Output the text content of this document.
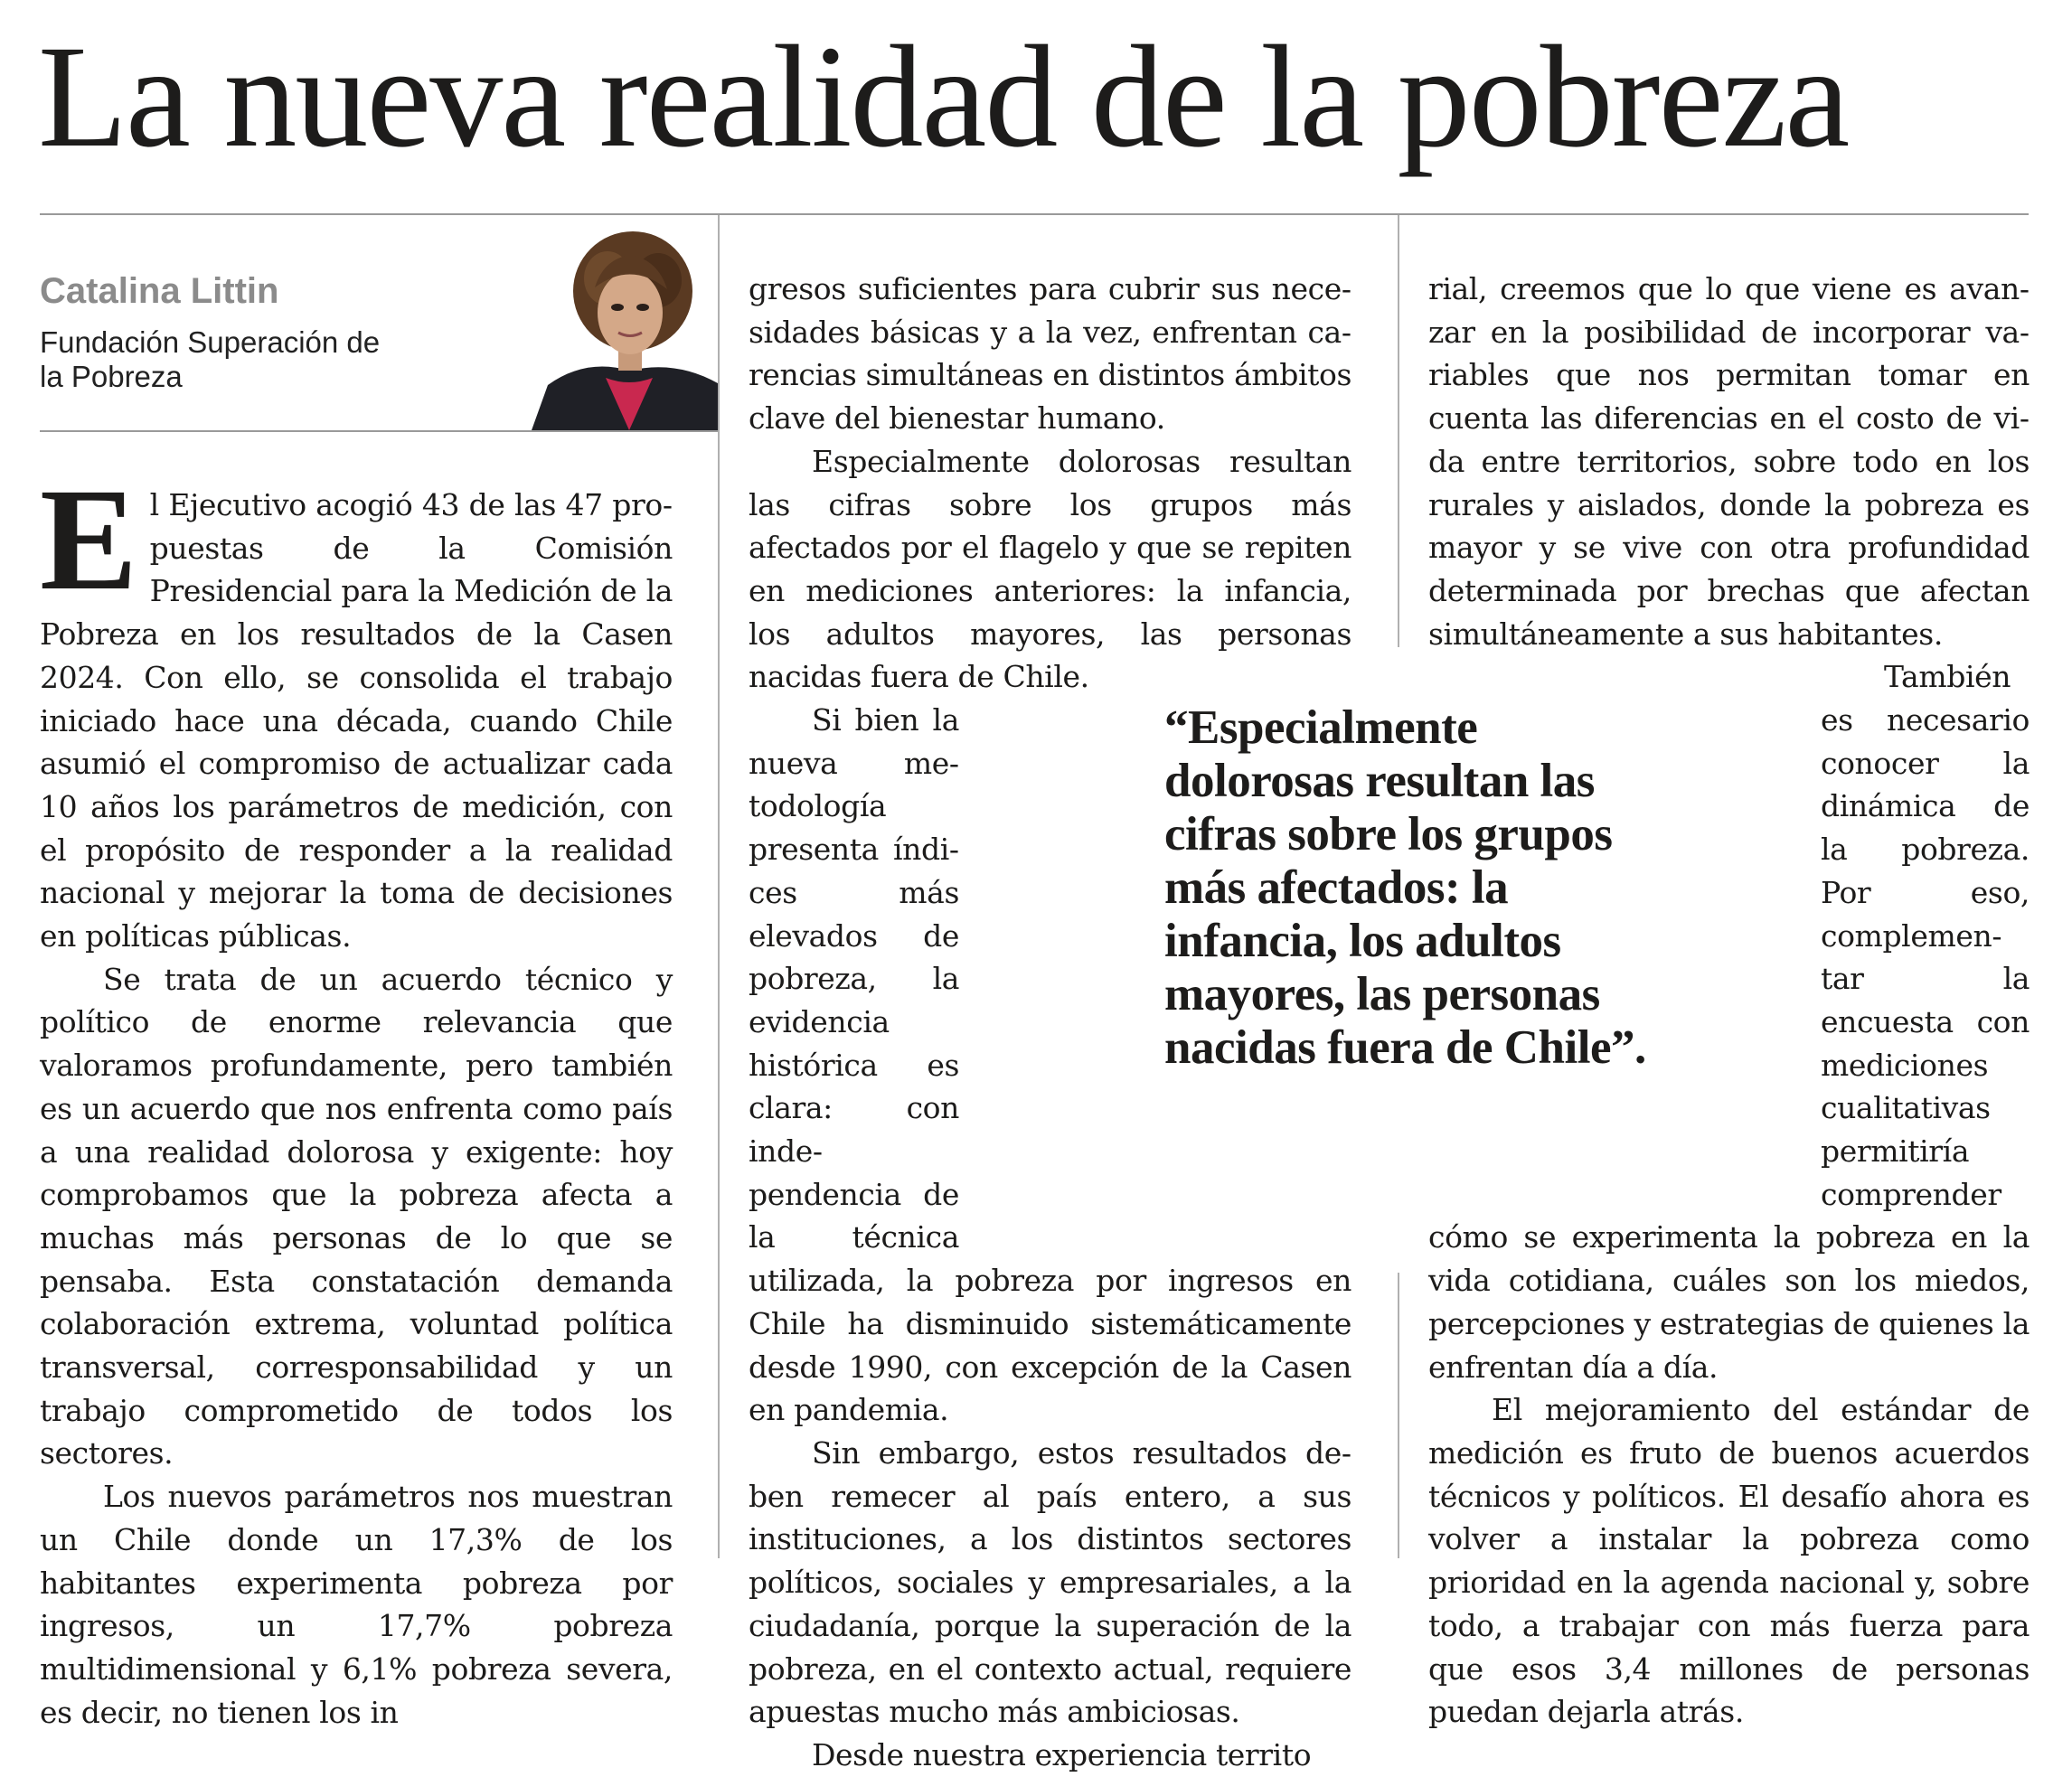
La nueva realidad de la pobreza
Catalina Littin
Fundación Superación de la Pobreza

El Ejecutivo acogió 43 de las 47 propuestas de la Comisión Presidencial para la Medición de la Pobreza en los resultados de la Casen 2024. Con ello, se consolida el trabajo iniciado hace una década, cuando Chile asumió el compromiso de actualizar cada 10 años los parámetros de medición, con el propósito de responder a la realidad nacional y mejorar la toma de decisiones en políticas públicas.

Se trata de un acuerdo técnico y político de enorme relevancia que valoramos profundamente, pero también es un acuerdo que nos enfrenta como país a una realidad dolorosa y exigente: hoy comprobamos que la pobreza afecta a muchas más personas de lo que se pensaba. Esta constatación demanda colaboración extrema, voluntad política transversal, corresponsabilidad y un trabajo comprometido de todos los sectores.

Los nuevos parámetros nos muestran un Chile donde un 17,3% de los habitantes experimenta pobreza por ingresos, un 17,7% pobreza multidimensional y 6,1% pobreza severa, es decir, no tienen los in

gresos suficientes para cubrir sus necesidades básicas y a la vez, enfrentan carencias simultáneas en distintos ámbitos clave del bienestar humano.

Especialmente dolorosas resultan las cifras sobre los grupos más afectados por el flagelo y que se repiten en mediciones anteriores: la infancia, los adultos mayores, las personas nacidas fuera de Chile.

Si bien la nueva metodología presenta índices más elevados de pobreza, la evidencia histórica es clara: con independencia de la técnica utilizada, la pobreza por ingresos en Chile ha disminuido sistemáticamente desde 1990, con excepción de la Casen en pandemia.

Sin embargo, estos resultados deben remecer al país entero, a sus instituciones, a los distintos sectores políticos, sociales y empresariales, a la ciudadanía, porque la superación de la pobreza, en el contexto actual, requiere apuestas mucho más ambiciosas.

Desde nuestra experiencia territo

rial, creemos que lo que viene es avanzar en la posibilidad de incorporar variables que nos permitan tomar en cuenta las diferencias en el costo de vida entre territorios, sobre todo en los rurales y aislados, donde la pobreza es mayor y se vive con otra profundidad determinada por brechas que afectan simultáneamente a sus habitantes.

También es necesario conocer la dinámica de la pobreza. Por eso, complementar la encuesta con mediciones cualitativas permitiría comprender cómo se experimenta la pobreza en la vida cotidiana, cuáles son los miedos, percepciones y estrategias de quienes la enfrentan día a día.

El mejoramiento del estándar de medición es fruto de buenos acuerdos técnicos y políticos. El desafío ahora es volver a instalar la pobreza como prioridad en la agenda nacional y, sobre todo, a trabajar con más fuerza para que esos 3,4 millones de personas puedan dejarla atrás.

“Especialmente dolorosas resultan las cifras sobre los grupos más afectados: la infancia, los adultos mayores, las personas nacidas fuera de Chile”.
